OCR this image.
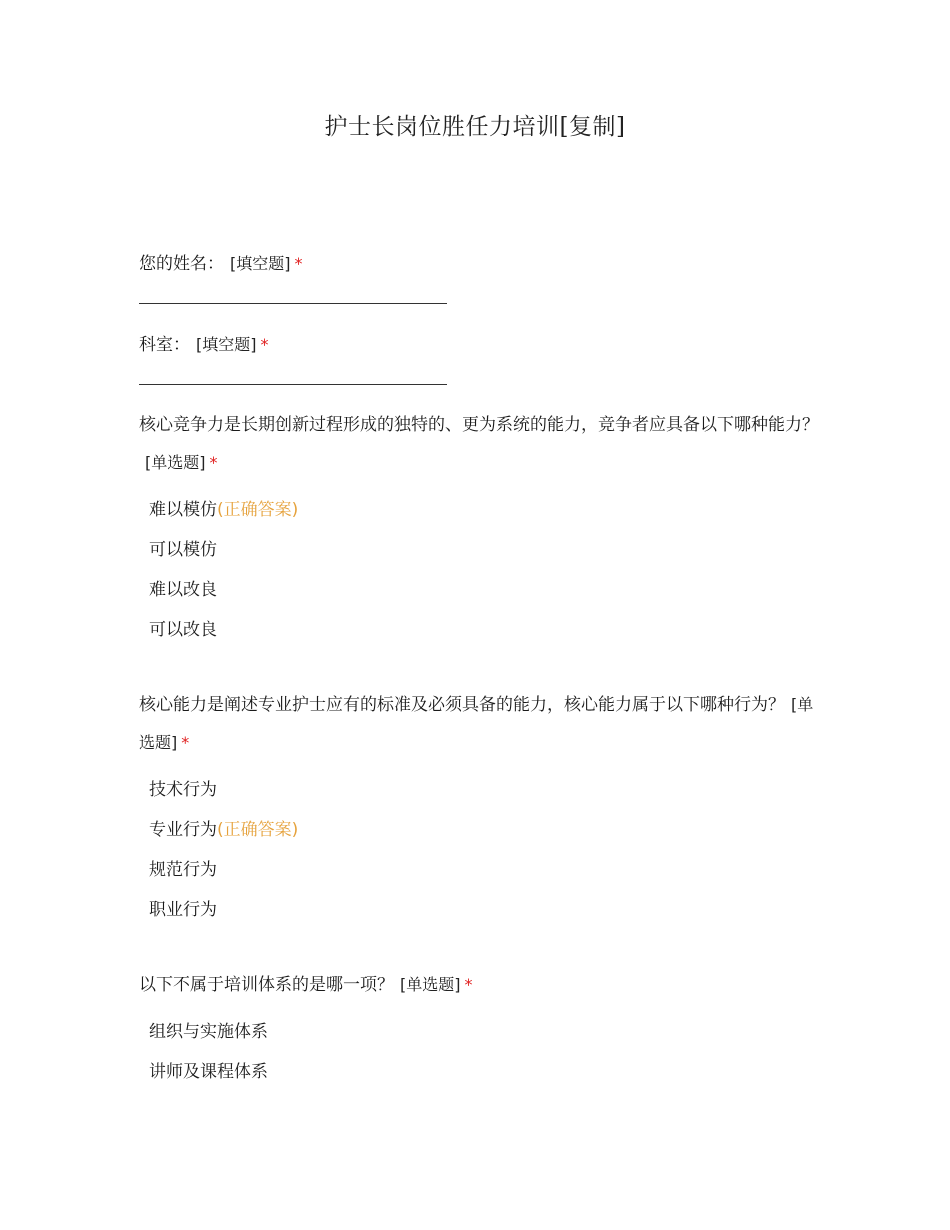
护士长岗位胜任力培训[复制]
您的姓名： [填空题] *
科室： [填空题] *
核心竞争力是长期创新过程形成的独特的、更为系统的能力，竞争者应具备以下哪种能力？[单选题] *
难以模仿(正确答案)
可以模仿
难以改良
可以改良
核心能力是阐述专业护士应有的标准及必须具备的能力，核心能力属于以下哪种行为？ [单选题] *
技术行为
专业行为(正确答案)
规范行为
职业行为
以下不属于培训体系的是哪一项？ [单选题] *
组织与实施体系
讲师及课程体系
